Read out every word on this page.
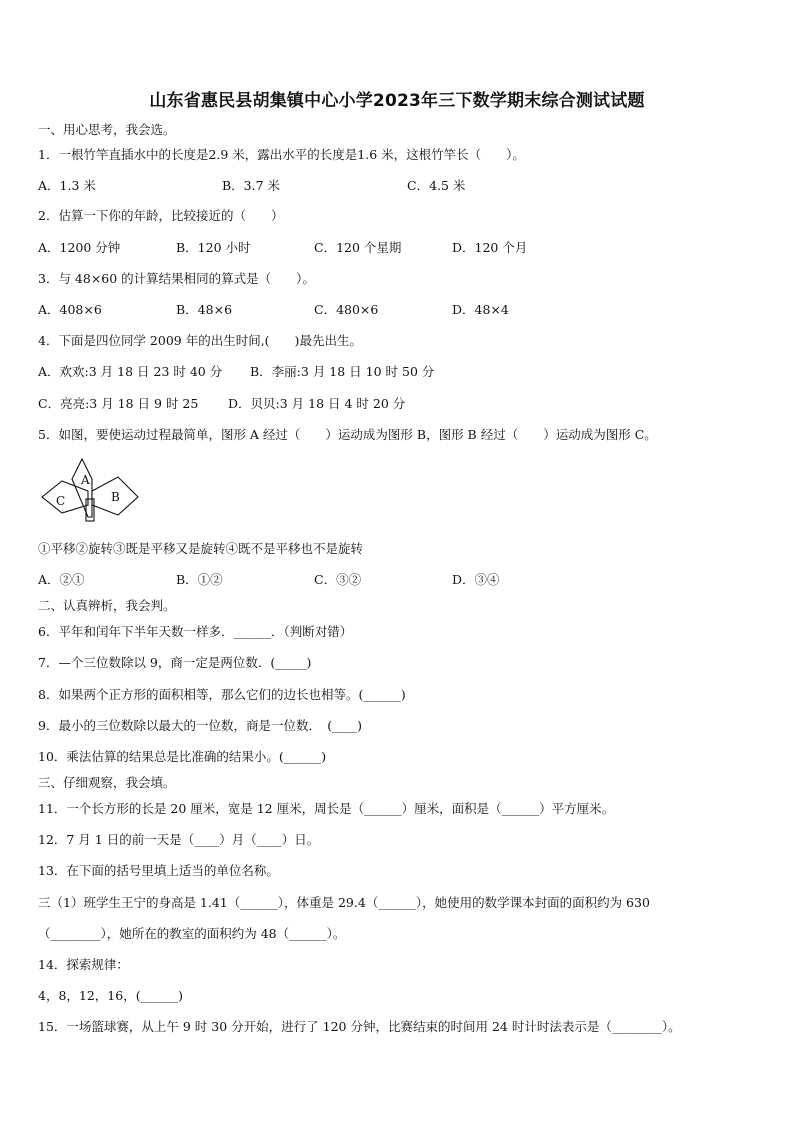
山东省惠民县胡集镇中心小学2023年三下数学期末综合测试试题
一、用心思考，我会选。
1．一根竹竿直插水中的长度是2.9 米，露出水平的长度是1.6 米，这根竹竿长（　　）。
A．1.3 米	B．3.7 米	C．4.5 米
2．估算一下你的年龄，比较接近的（　　）
A．1200 分钟	B．120 小时	C．120 个星期	D．120 个月
3．与 48×60 的计算结果相同的算式是（　　）。
A．408×6	B．48×6	C．480×6	D．48×4
4．下面是四位同学 2009 年的出生时间,(　　)最先出生。
A．欢欢:3 月 18 日 23 时 40 分 B．李丽:3 月 18 日 10 时 50 分
C．亮亮:3 月 18 日 9 时 25 D．贝贝:3 月 18 日 4 时 20 分
5．如图，要使运动过程最简单，图形 A 经过（　　）运动成为图形 B，图形 B 经过（　　）运动成为图形 C。
A
B
C
①平移②旋转③既是平移又是旋转④既不是平移也不是旋转
A．②①	B．①②	C．③②	D．③④
二、认真辨析，我会判。
6．平年和闰年下半年天数一样多．______．（判断对错）
7．—个三位数除以 9，商一定是两位数．(_____)
8．如果两个正方形的面积相等，那么它们的边长也相等。(______)
9．最小的三位数除以最大的一位数，商是一位数．　(____)
10．乘法估算的结果总是比准确的结果小。(______)
三、仔细观察，我会填。
11．一个长方形的长是 20 厘米，宽是 12 厘米，周长是（______）厘米，面积是（______）平方厘米。
12．7 月 1 日的前一天是（____）月（____）日。
13．在下面的括号里填上适当的单位名称。
三（1）班学生王宁的身高是 1.41（______），体重是 29.4（______），她使用的数学课本封面的面积约为 630
（________），她所在的教室的面积约为 48（______）。
14．探索规律：
4，8，12，16，(______)
15．一场篮球赛，从上午 9 时 30 分开始，进行了 120 分钟，比赛结束的时间用 24 时计时法表示是（________）。
